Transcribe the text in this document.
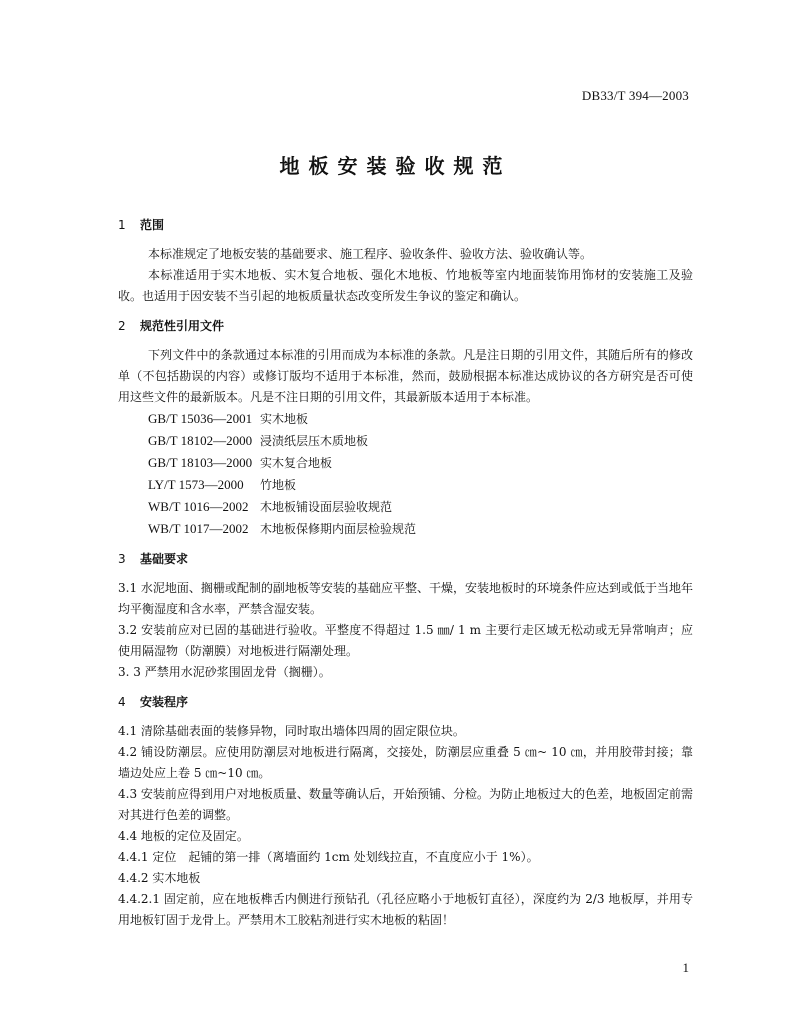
DB33/T 394—2003
地板安装验收规范
1 范围
本标准规定了地板安装的基础要求、施工程序、验收条件、验收方法、验收确认等。
本标准适用于实木地板、实木复合地板、强化木地板、竹地板等室内地面装饰用饰材的安装施工及验收。也适用于因安装不当引起的地板质量状态改变所发生争议的鉴定和确认。
2 规范性引用文件
下列文件中的条款通过本标准的引用而成为本标准的条款。凡是注日期的引用文件，其随后所有的修改单（不包括勘误的内容）或修订版均不适用于本标准，然而，鼓励根据本标准达成协议的各方研究是否可使用这些文件的最新版本。凡是不注日期的引用文件，其最新版本适用于本标准。
GB/T 15036—2001 实木地板
GB/T 18102—2000 浸渍纸层压木质地板
GB/T 18103—2000 实木复合地板
LY/T 1573—2000 竹地板
WB/T 1016—2002 木地板铺设面层验收规范
WB/T 1017—2002 木地板保修期内面层检验规范
3 基础要求
3.1 水泥地面、搁栅或配制的副地板等安装的基础应平整、干燥，安装地板时的环境条件应达到或低于当地年均平衡湿度和含水率，严禁含湿安装。
3.2 安装前应对已固的基础进行验收。平整度不得超过 1.5 ㎜/ 1 m 主要行走区域无松动或无异常响声；应使用隔湿物（防潮膜）对地板进行隔潮处理。
3. 3 严禁用水泥砂浆围固龙骨（搁栅）。
4 安装程序
4.1 清除基础表面的装修异物，同时取出墙体四周的固定限位块。
4.2 铺设防潮层。应使用防潮层对地板进行隔离，交接处，防潮层应重叠 5 ㎝~ 10 ㎝，并用胶带封接；靠墙边处应上卷 5 ㎝~10 ㎝。
4.3 安装前应得到用户对地板质量、数量等确认后，开始预铺、分检。为防止地板过大的色差，地板固定前需对其进行色差的调整。
4.4 地板的定位及固定。
4.4.1 定位　起铺的第一排（离墙面约 1cm 处划线拉直，不直度应小于 1%）。
4.4.2 实木地板
4.4.2.1 固定前，应在地板榫舌内侧进行预钻孔（孔径应略小于地板钉直径），深度约为 2/3 地板厚，并用专用地板钉固于龙骨上。严禁用木工胶粘剂进行实木地板的粘固！
1
